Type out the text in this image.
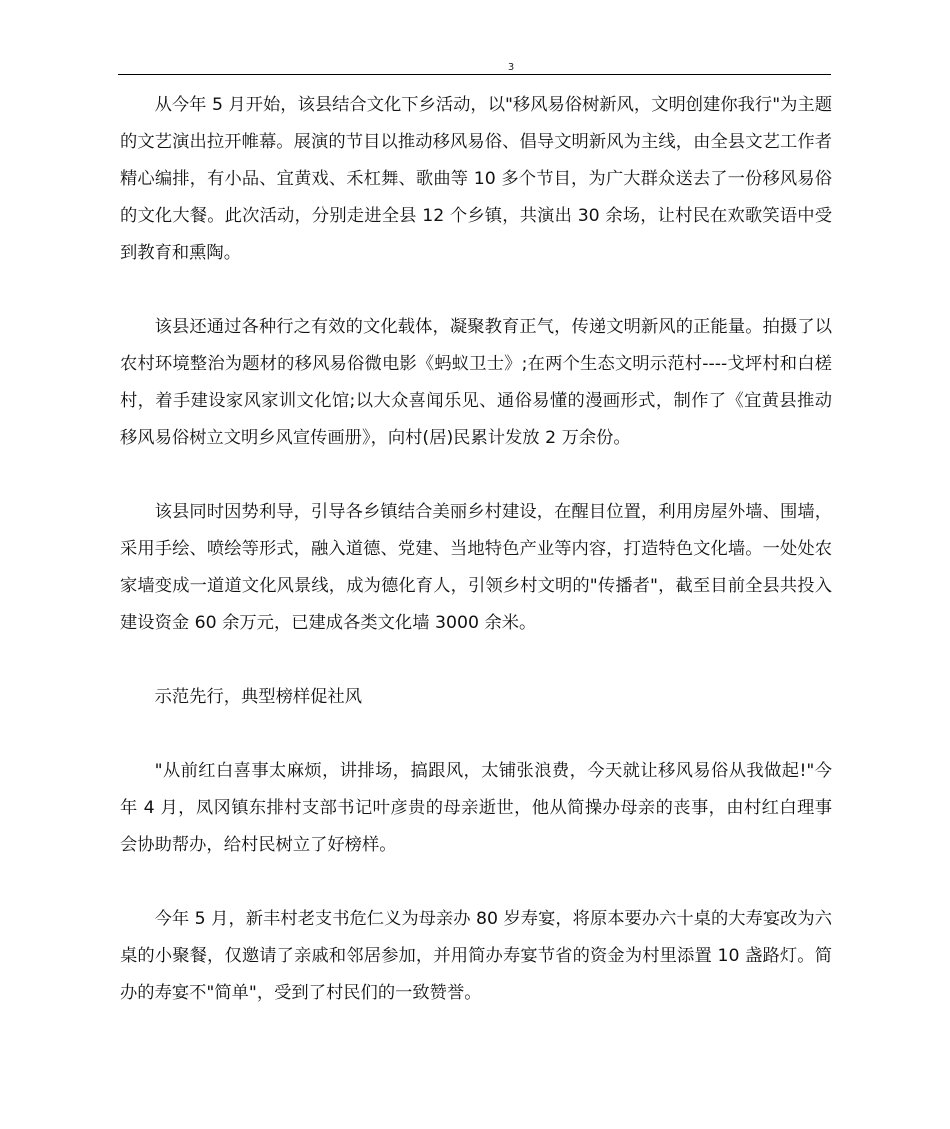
3

从今年 5 月开始，该县结合文化下乡活动，以"移风易俗树新风，文明创建你我行"为主题的文艺演出拉开帷幕。展演的节目以推动移风易俗、倡导文明新风为主线，由全县文艺工作者精心编排，有小品、宜黄戏、禾杠舞、歌曲等 10 多个节目，为广大群众送去了一份移风易俗的文化大餐。此次活动，分别走进全县 12 个乡镇，共演出 30 余场，让村民在欢歌笑语中受到教育和熏陶。

该县还通过各种行之有效的文化载体，凝聚教育正气，传递文明新风的正能量。拍摄了以农村环境整治为题材的移风易俗微电影《蚂蚁卫士》;在两个生态文明示范村----戈坪村和白槎村，着手建设家风家训文化馆;以大众喜闻乐见、通俗易懂的漫画形式，制作了《宜黄县推动移风易俗树立文明乡风宣传画册》，向村(居)民累计发放 2 万余份。

该县同时因势利导，引导各乡镇结合美丽乡村建设，在醒目位置，利用房屋外墙、围墙，采用手绘、喷绘等形式，融入道德、党建、当地特色产业等内容，打造特色文化墙。一处处农家墙变成一道道文化风景线，成为德化育人，引领乡村文明的"传播者"，截至目前全县共投入建设资金 60 余万元，已建成各类文化墙 3000 余米。

示范先行，典型榜样促社风

"从前红白喜事太麻烦，讲排场，搞跟风，太铺张浪费，今天就让移风易俗从我做起!"今年 4 月，凤冈镇东排村支部书记叶彦贵的母亲逝世，他从简操办母亲的丧事，由村红白理事会协助帮办，给村民树立了好榜样。

今年 5 月，新丰村老支书危仁义为母亲办 80 岁寿宴，将原本要办六十桌的大寿宴改为六桌的小聚餐，仅邀请了亲戚和邻居参加，并用简办寿宴节省的资金为村里添置 10 盏路灯。简办的寿宴不"简单"，受到了村民们的一致赞誉。
